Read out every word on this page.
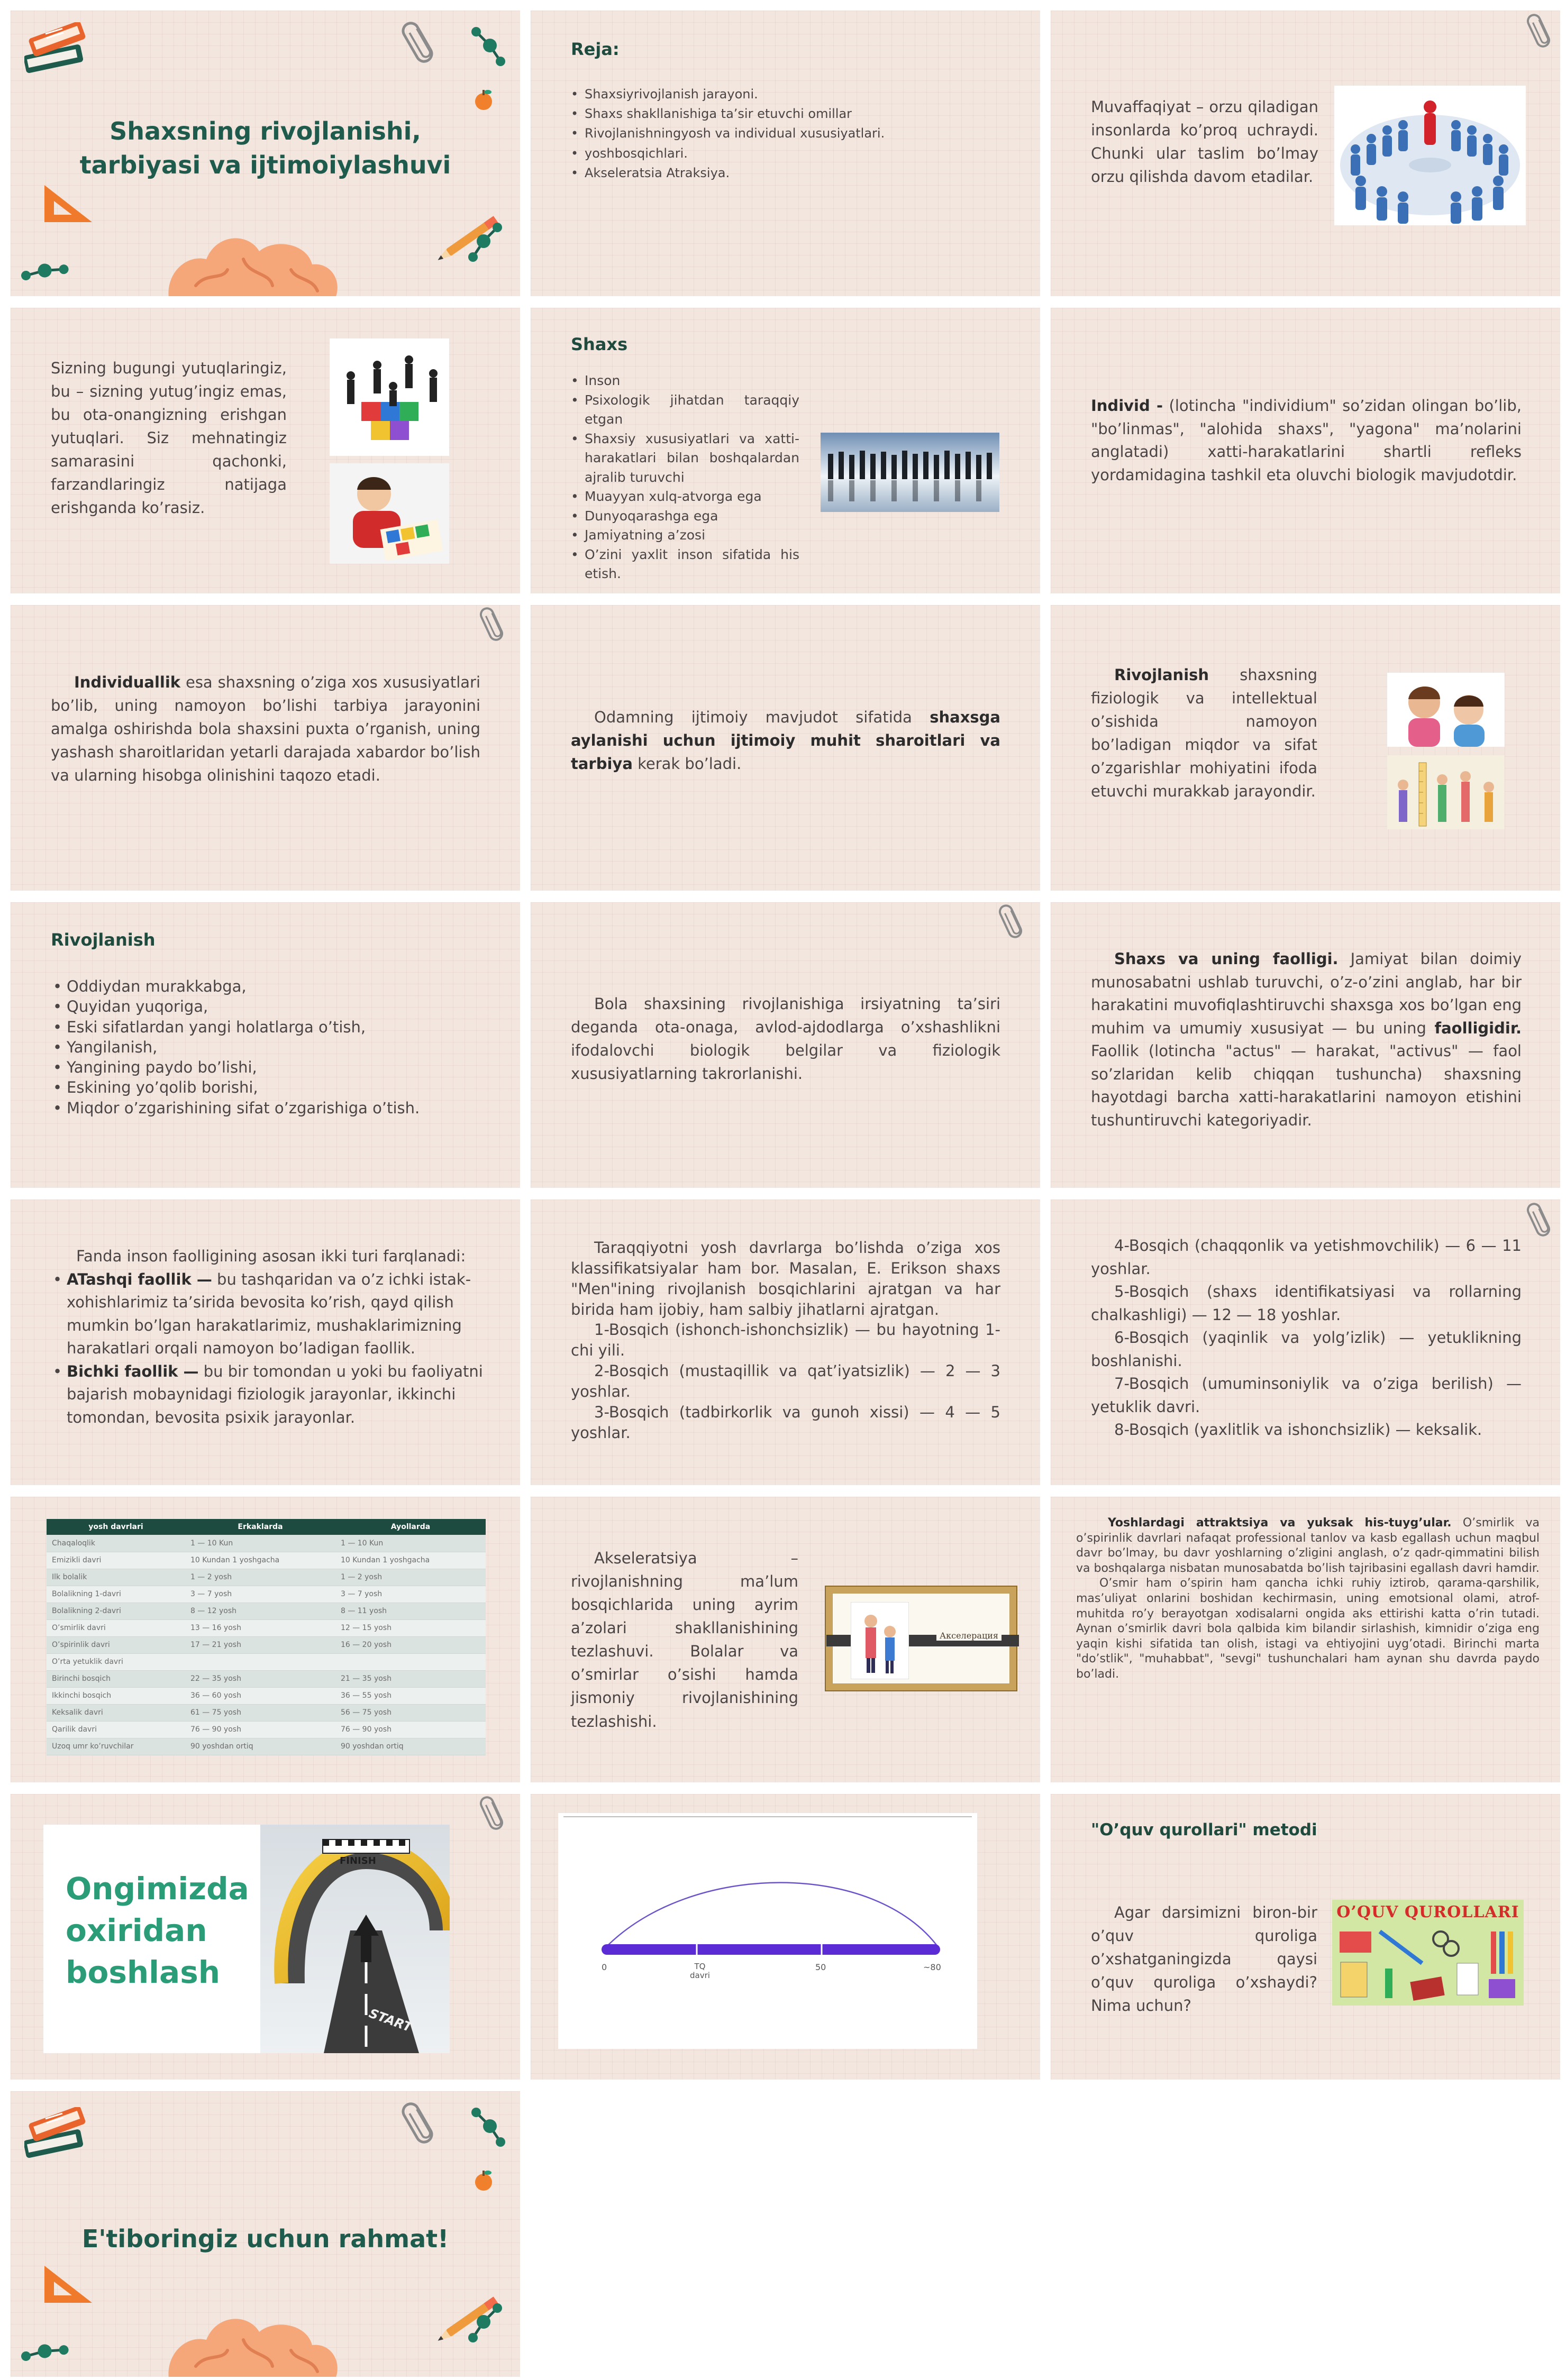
Shaxsning rivojlanishi,
tarbiyasi va ijtimoiylashuvi
Reja:
• Shaxsiyrivojlanish jarayoni.
• Shaxs shakllanishiga ta’sir etuvchi omillar
• Rivojlanishningyosh va individual xususiyatlari.
• yoshbosqichlari.
• Akseleratsia Atraksiya.
Muvaffaqiyat – orzu qiladigan insonlarda ko’proq uchraydi. Chunki ular taslim bo’lmay orzu qilishda davom etadilar.
Sizning bugungi yutuqlaringiz, bu – sizning yutug’ingiz emas, bu ota-onangizning erishgan yutuqlari. Siz mehnatingiz samarasini qachonki, farzandlaringiz natijaga erishganda ko’rasiz.
Shaxs
• Inson
• Psixologik jihatdan taraqqiy etgan
• Shaxsiy xususiyatlari va xatti-harakatlari bilan boshqalardan ajralib turuvchi
• Muayyan xulq-atvorga ega
• Dunyoqarashga ega
• Jamiyatning a’zosi
• O’zini yaxlit inson sifatida his etish.
Individ - (lotincha "individium" so’zidan olingan bo’lib, "bo’linmas", "alohida shaxs", "yagona" ma’nolarini anglatadi) xatti-harakatlarini shartli refleks yordamidagina tashkil eta oluvchi biologik mavjudotdir.
Individuallik esa shaxsning o’ziga xos xususiyatlari bo’lib, uning namoyon bo’lishi tarbiya jarayonini amalga oshirishda bola shaxsini puxta o’rganish, uning yashash sharoitlaridan yetarli darajada xabardor bo’lish va ularning hisobga olinishini taqozo etadi.
Odamning ijtimoiy mavjudot sifatida shaxsga aylanishi uchun ijtimoiy muhit sharoitlari va tarbiya kerak bo’ladi.
Rivojlanish shaxsning fiziologik va intellektual o’sishida namoyon bo’ladigan miqdor va sifat o’zgarishlar mohiyatini ifoda etuvchi murakkab jarayondir.
Rivojlanish
• Oddiydan murakkabga,
• Quyidan yuqoriga,
• Eski sifatlardan yangi holatlarga o’tish,
• Yangilanish,
• Yangining paydo bo’lishi,
• Eskining yo’qolib borishi,
• Miqdor o’zgarishining sifat o’zgarishiga o’tish.
Bola shaxsining rivojlanishiga irsiyatning ta’siri deganda ota-onaga, avlod-ajdodlarga o’xshashlikni ifodalovchi biologik belgilar va fiziologik xususiyatlarning takrorlanishi.
Shaxs va uning faolligi. Jamiyat bilan doimiy munosabatni ushlab turuvchi, o’z-o’zini anglab, har bir harakatini muvofiqlashtiruvchi shaxsga xos bo’lgan eng muhim va umumiy xususiyat — bu uning faolligidir. Faollik (lotincha "actus" — harakat, "activus" — faol so’zlaridan kelib chiqqan tushuncha) shaxsning hayotdagi barcha xatti-harakatlarini namoyon etishini tushuntiruvchi kategoriyadir.
Fanda inson faolligining asosan ikki turi farqlanadi:
• ATashqi faollik — bu tashqaridan va o’z ichki istak-xohishlarimiz ta’sirida bevosita ko’rish, qayd qilish mumkin bo’lgan harakatlarimiz, mushaklarimizning harakatlari orqali namoyon bo’ladigan faollik.
• Bichki faollik — bu bir tomondan u yoki bu faoliyatni bajarish mobaynidagi fiziologik jarayonlar, ikkinchi tomondan, bevosita psixik jarayonlar.

Taraqqiyotni yosh davrlarga bo’lishda o’ziga xos klassifikatsiyalar ham bor. Masalan, E. Erikson shaxs "Men"ining rivojlanish bosqichlarini ajratgan va har birida ham ijobiy, ham salbiy jihatlarni ajratgan.

1-Bosqich (ishonch-ishonchsizlik) — bu hayotning 1-chi yili.

2-Bosqich (mustaqillik va qat’iyatsizlik) — 2 — 3 yoshlar.

3-Bosqich (tadbirkorlik va gunoh xissi) — 4 — 5 yoshlar.

4-Bosqich (chaqqonlik va yetishmovchilik) — 6 — 11 yoshlar.

5-Bosqich (shaxs identifikatsiyasi va rollarning chalkashligi) — 12 — 18 yoshlar.

6-Bosqich (yaqinlik va yolg’izlik) — yetuklikning boshlanishi.

7-Bosqich (umuminsoniylik va o’ziga berilish) — yetuklik davri.

8-Bosqich (yaxlitlik va ishonchsizlik) — keksalik.

yosh davrlari	Erkaklarda	Ayollarda
Chaqaloqlik	1 — 10 Kun	1 — 10 Kun
Emizikli davri	10 Kundan 1 yoshgacha	10 Kundan 1 yoshgacha
Ilk bolalik	1 — 2 yosh	1 — 2 yosh
Bolalikning 1-davri	3 — 7 yosh	3 — 7 yosh
Bolalikning 2-davri	8 — 12 yosh	8 — 11 yosh
O’smirlik davri	13 — 16 yosh	12 — 15 yosh
O’spirinlik davri	17 — 21 yosh	16 — 20 yosh
O’rta yetuklik davri		
Birinchi bosqich	22 — 35 yosh	21 — 35 yosh
Ikkinchi bosqich	36 — 60 yosh	36 — 55 yosh
Keksalik davri	61 — 75 yosh	56 — 75 yosh
Qarilik davri	76 — 90 yosh	76 — 90 yosh
Uzoq umr ko’ruvchilar	90 yoshdan ortiq	90 yoshdan ortiq
Akseleratsiya – rivojlanishning ma’lum bosqichlarida uning ayrim a’zolari shakllanishining tezlashuvi. Bolalar va o’smirlar o’sishi hamda jismoniy rivojlanishining tezlashishi.
Акселерация

Yoshlardagi attraktsiya va yuksak his-tuyg’ular. O’smirlik va o’spirinlik davrlari nafaqat professional tanlov va kasb egallash uchun maqbul davr bo’lmay, bu davr yoshlarning o’zligini anglash, o’z qadr-qimmatini bilish va boshqalarga nisbatan munosabatda bo’lish tajribasini egallash davri hamdir.

O’smir ham o’spirin ham qancha ichki ruhiy iztirob, qarama-qarshilik, mas’uliyat onlarini boshidan kechirmasin, uning emotsional olami, atrof-muhitda ro’y berayotgan xodisalarni ongida aks ettirishi katta o’rin tutadi. Aynan o’smirlik davri bola qalbida kim bilandir sirlashish, kimnidir o’ziga eng yaqin kishi sifatida tan olish, istagi va ehtiyojini uyg’otadi. Birinchi marta "do’stlik", "muhabbat", "sevgi" tushunchalari ham aynan shu davrda paydo bo’ladi.

Ongimizda
oxiridan
boshlash
FINISH
START
0	TQ davri
50	~80
"O’quv qurollari" metodi
Agar darsimizni biron-bir o’quv quroliga o’xshatganingizda qaysi o’quv quroliga o’xshaydi? Nima uchun?
O’QUV QUROLLARI
E'tiboringiz uchun rahmat!
